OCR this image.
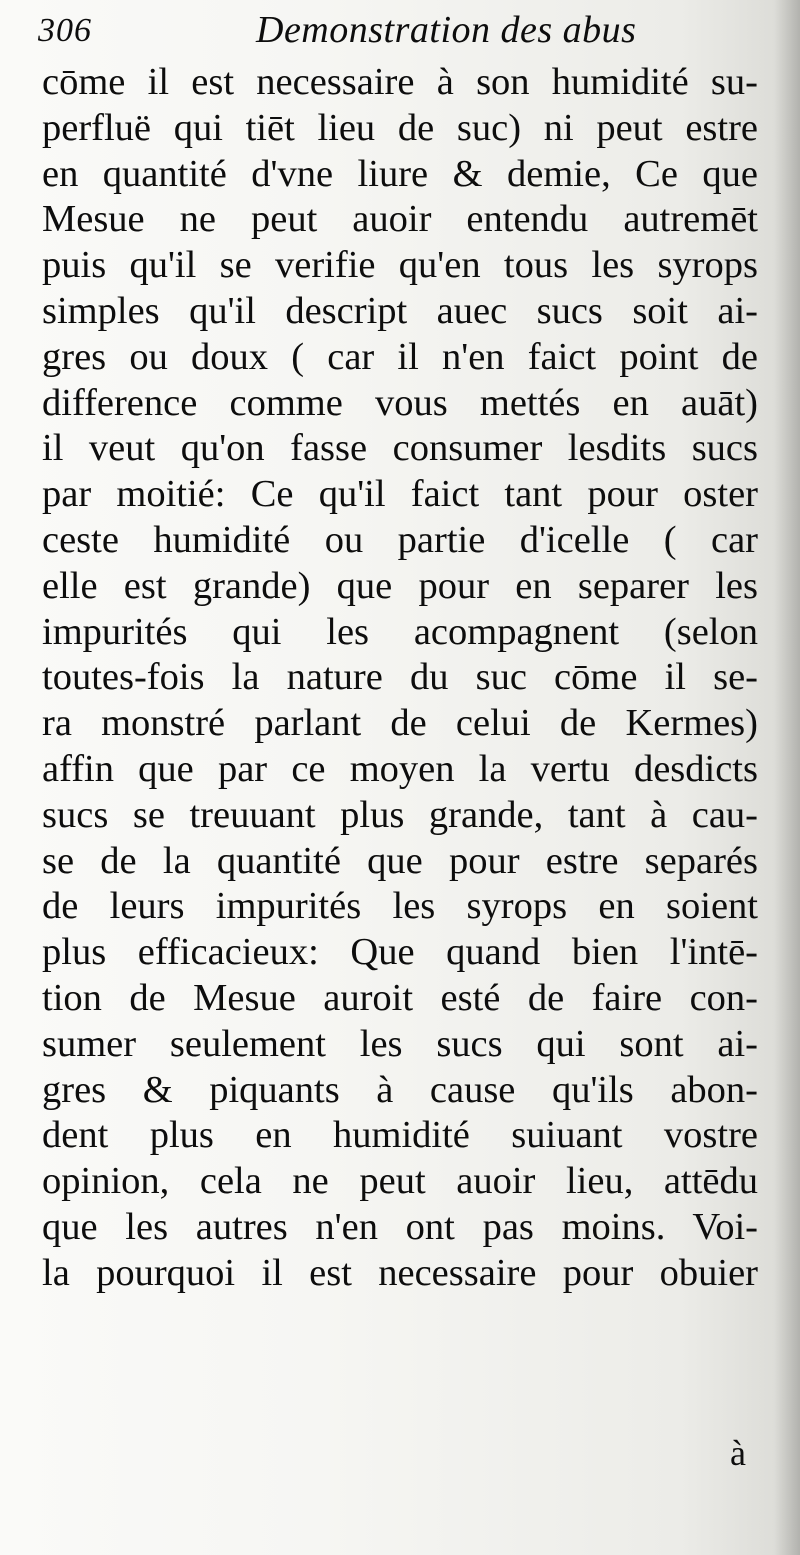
306	Demonstration des abus
cōme il est necessaire à son humidité su-
perfluë qui tiēt lieu de suc) ni peut estre
en quantité d'vne liure & demie, Ce que
Mesue ne peut auoir entendu autremēt
puis qu'il se verifie qu'en tous les syrops
simples qu'il descript auec sucs soit ai-
gres ou doux ( car il n'en faict point de
difference comme vous mettés en auāt)
il veut qu'on fasse consumer lesdits sucs
par moitié: Ce qu'il faict tant pour oster
ceste humidité ou partie d'icelle ( car
elle est grande) que pour en separer les
impurités qui les acompagnent (selon
toutes-fois la nature du suc cōme il se-
ra monstré parlant de celui de Kermes)
affin que par ce moyen la vertu desdicts
sucs se treuuant plus grande, tant à cau-
se de la quantité que pour estre separés
de leurs impurités les syrops en soient
plus efficacieux: Que quand bien l'intē-
tion de Mesue auroit esté de faire con-
sumer seulement les sucs qui sont ai-
gres & piquants à cause qu'ils abon-
dent plus en humidité suiuant vostre
opinion, cela ne peut auoir lieu, attēdu
que les autres n'en ont pas moins. Voi-
la pourquoi il est necessaire pour obuier
à
